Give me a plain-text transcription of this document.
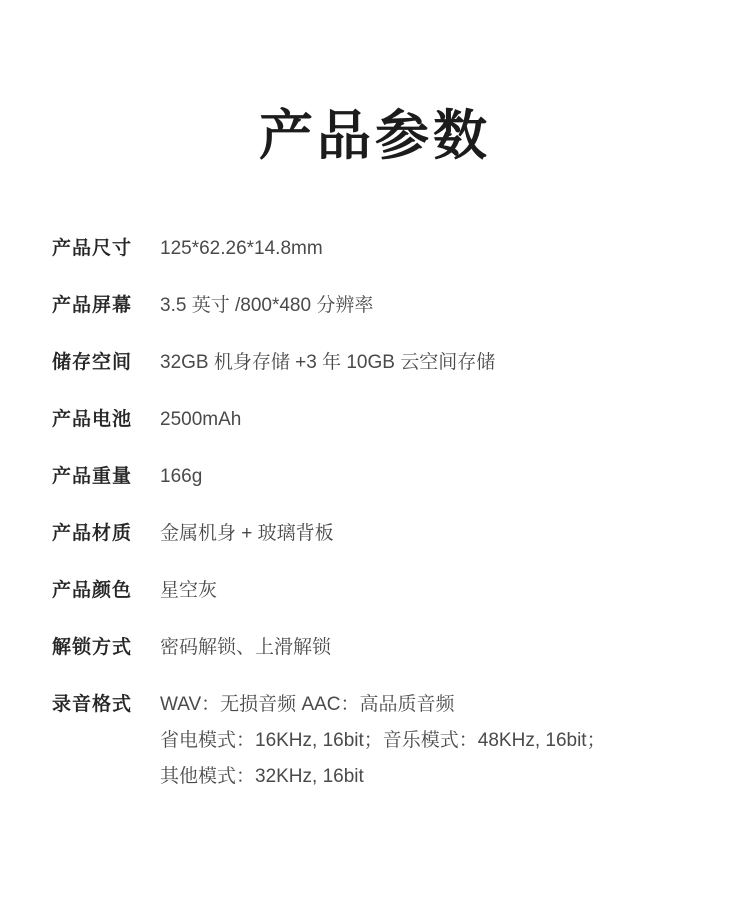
产品参数
产品尺寸	125*62.26*14.8mm
产品屏幕	3.5 英寸 /800*480 分辨率
储存空间	32GB 机身存储 +3 年 10GB 云空间存储
产品电池	2500mAh
产品重量	166g
产品材质	金属机身 + 玻璃背板
产品颜色	星空灰
解锁方式	密码解锁、上滑解锁
录音格式	WAV：无损音频 AAC：高品质音频
省电模式：16KHz, 16bit；音乐模式：48KHz, 16bit；
其他模式：32KHz, 16bit
